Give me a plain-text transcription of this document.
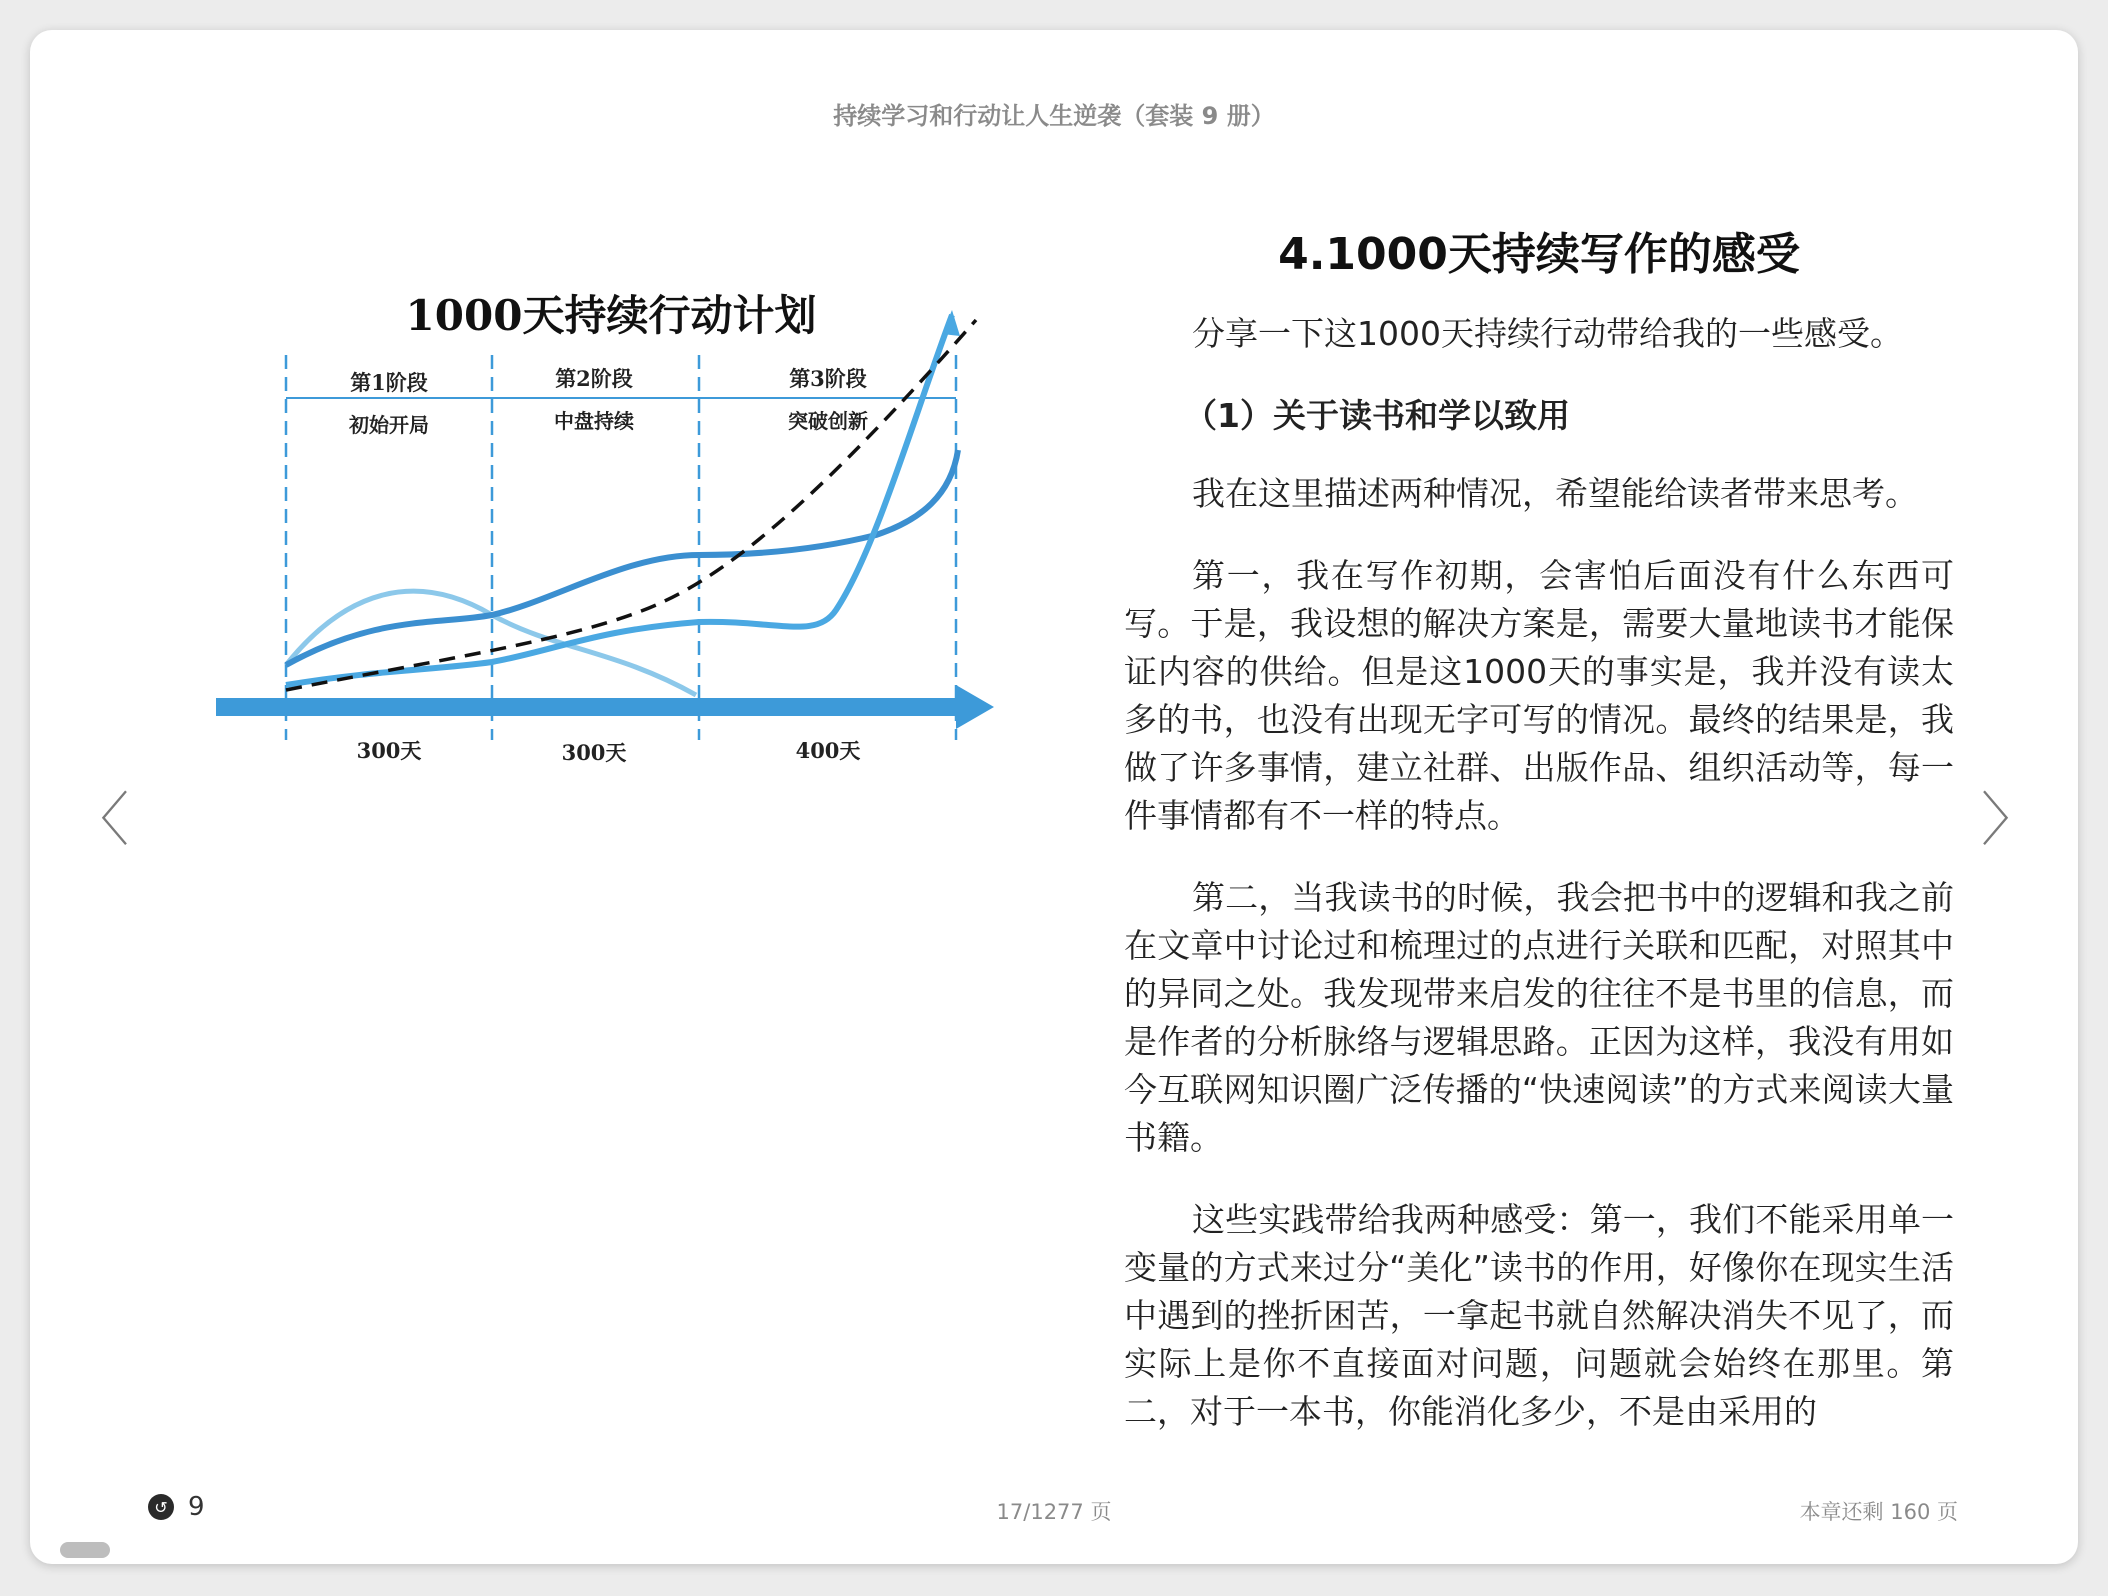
持续学习和行动让人生逆袭（套装 9 册）
〈	〉
1000天持续行动计划
第1阶段
初始开局
第2阶段
中盘持续
第3阶段
突破创新
300天	300天	400天
4.1000天持续写作的感受

分享一下这1000天持续行动带给我的一些感受。

（1）关于读书和学以致用

我在这里描述两种情况，希望能给读者带来思考。

第一，我在写作初期，会害怕后面没有什么东西可写。于是，我设想的解决方案是，需要大量地读书才能保证内容的供给。但是这1000天的事实是，我并没有读太多的书，也没有出现无字可写的情况。最终的结果是，我做了许多事情，建立社群、出版作品、组织活动等，每一件事情都有不一样的特点。

第二，当我读书的时候，我会把书中的逻辑和我之前在文章中讨论过和梳理过的点进行关联和匹配，对照其中的异同之处。我发现带来启发的往往不是书里的信息，而是作者的分析脉络与逻辑思路。正因为这样，我没有用如今互联网知识圈广泛传播的“快速阅读”的方式来阅读大量书籍。

这些实践带给我两种感受：第一，我们不能采用单一变量的方式来过分“美化”读书的作用，好像你在现实生活中遇到的挫折困苦，一拿起书就自然解决消失不见了，而实际上是你不直接面对问题，问题就会始终在那里。第二，对于一本书，你能消化多少，不是由采用的

↺ 9	17/1277 页	本章还剩 160 页
